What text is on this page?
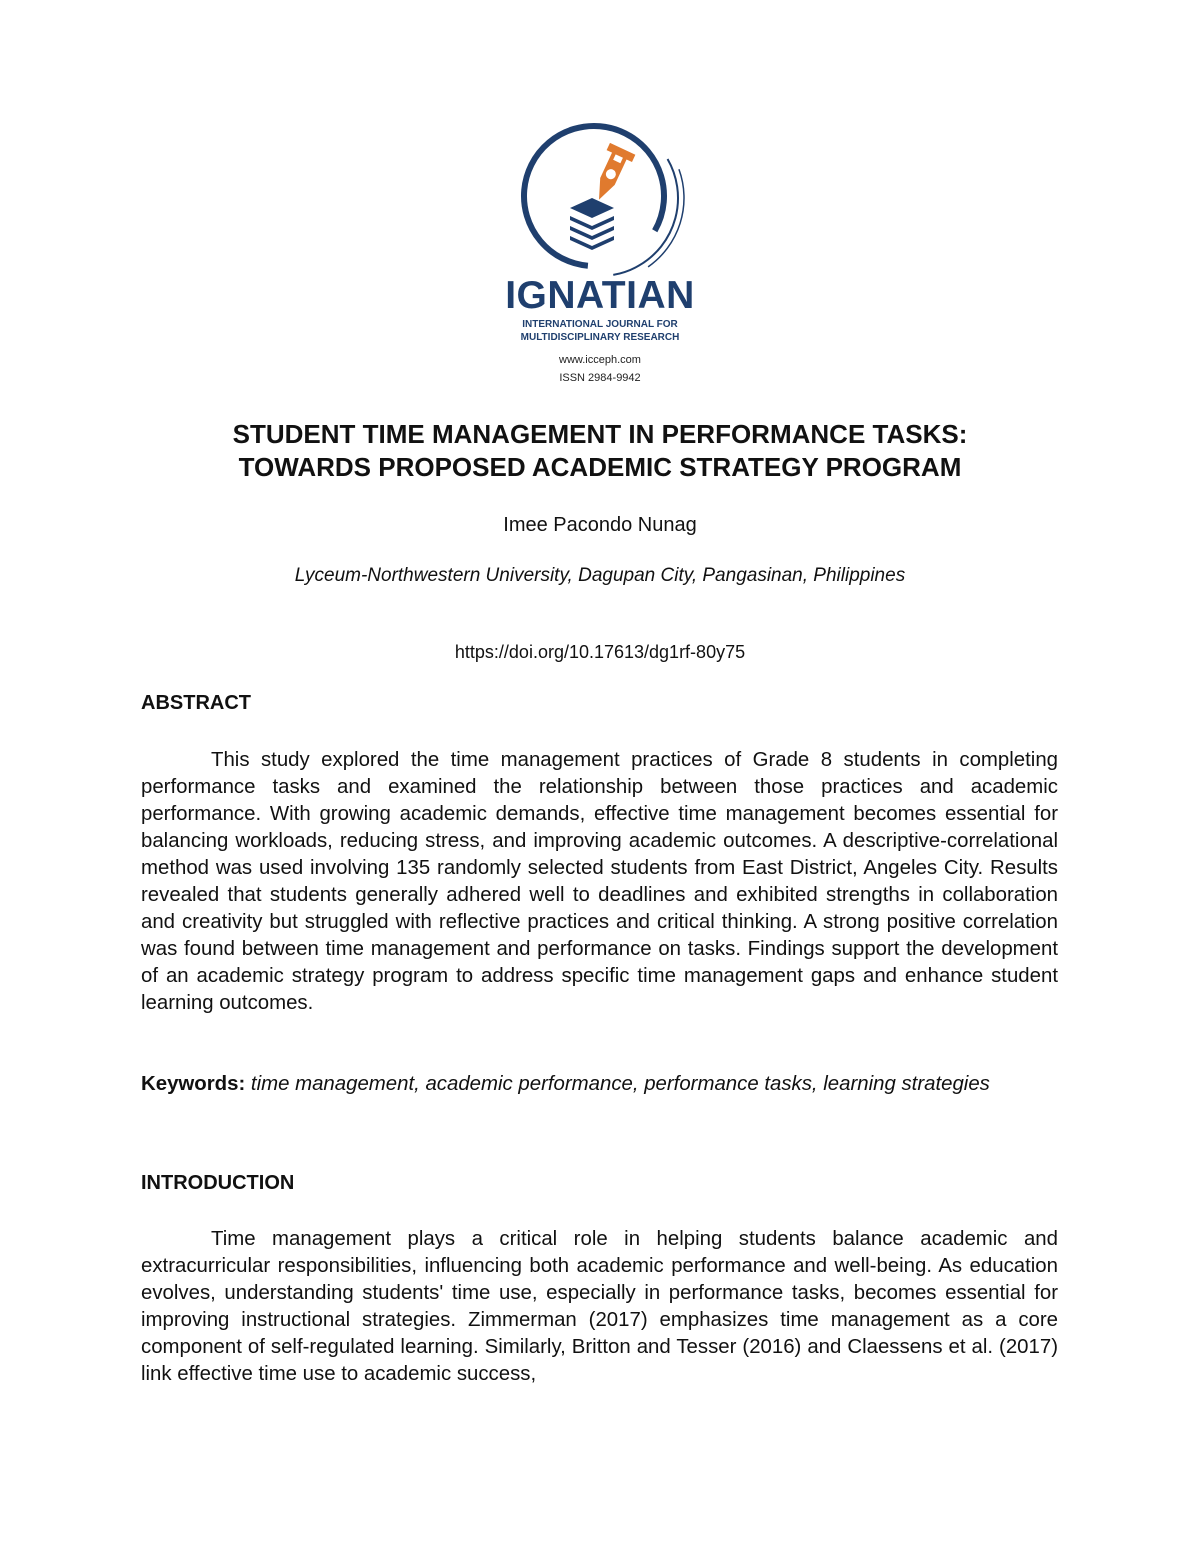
IGNATIAN
INTERNATIONAL JOURNAL FOR
MULTIDISCIPLINARY RESEARCH
www.icceph.com
ISSN 2984-9942
STUDENT TIME MANAGEMENT IN PERFORMANCE TASKS:
TOWARDS PROPOSED ACADEMIC STRATEGY PROGRAM

Imee Pacondo Nunag

Lyceum-Northwestern University, Dagupan City, Pangasinan, Philippines

https://doi.org/10.17613/dg1rf-80y75

ABSTRACT

This study explored the time management practices of Grade 8 students in completing performance tasks and examined the relationship between those practices and academic performance. With growing academic demands, effective time management becomes essential for balancing workloads, reducing stress, and improving academic outcomes. A descriptive-correlational method was used involving 135 randomly selected students from East District, Angeles City. Results revealed that students generally adhered well to deadlines and exhibited strengths in collaboration and creativity but struggled with reflective practices and critical thinking. A strong positive correlation was found between time management and performance on tasks. Findings support the development of an academic strategy program to address specific time management gaps and enhance student learning outcomes.

Keywords: time management, academic performance, performance tasks, learning strategies

INTRODUCTION

Time management plays a critical role in helping students balance academic and extracurricular responsibilities, influencing both academic performance and well-being. As education evolves, understanding students' time use, especially in performance tasks, becomes essential for improving instructional strategies. Zimmerman (2017) emphasizes time management as a core component of self-regulated learning. Similarly, Britton and Tesser (2016) and Claessens et al. (2017) link effective time use to academic success,
